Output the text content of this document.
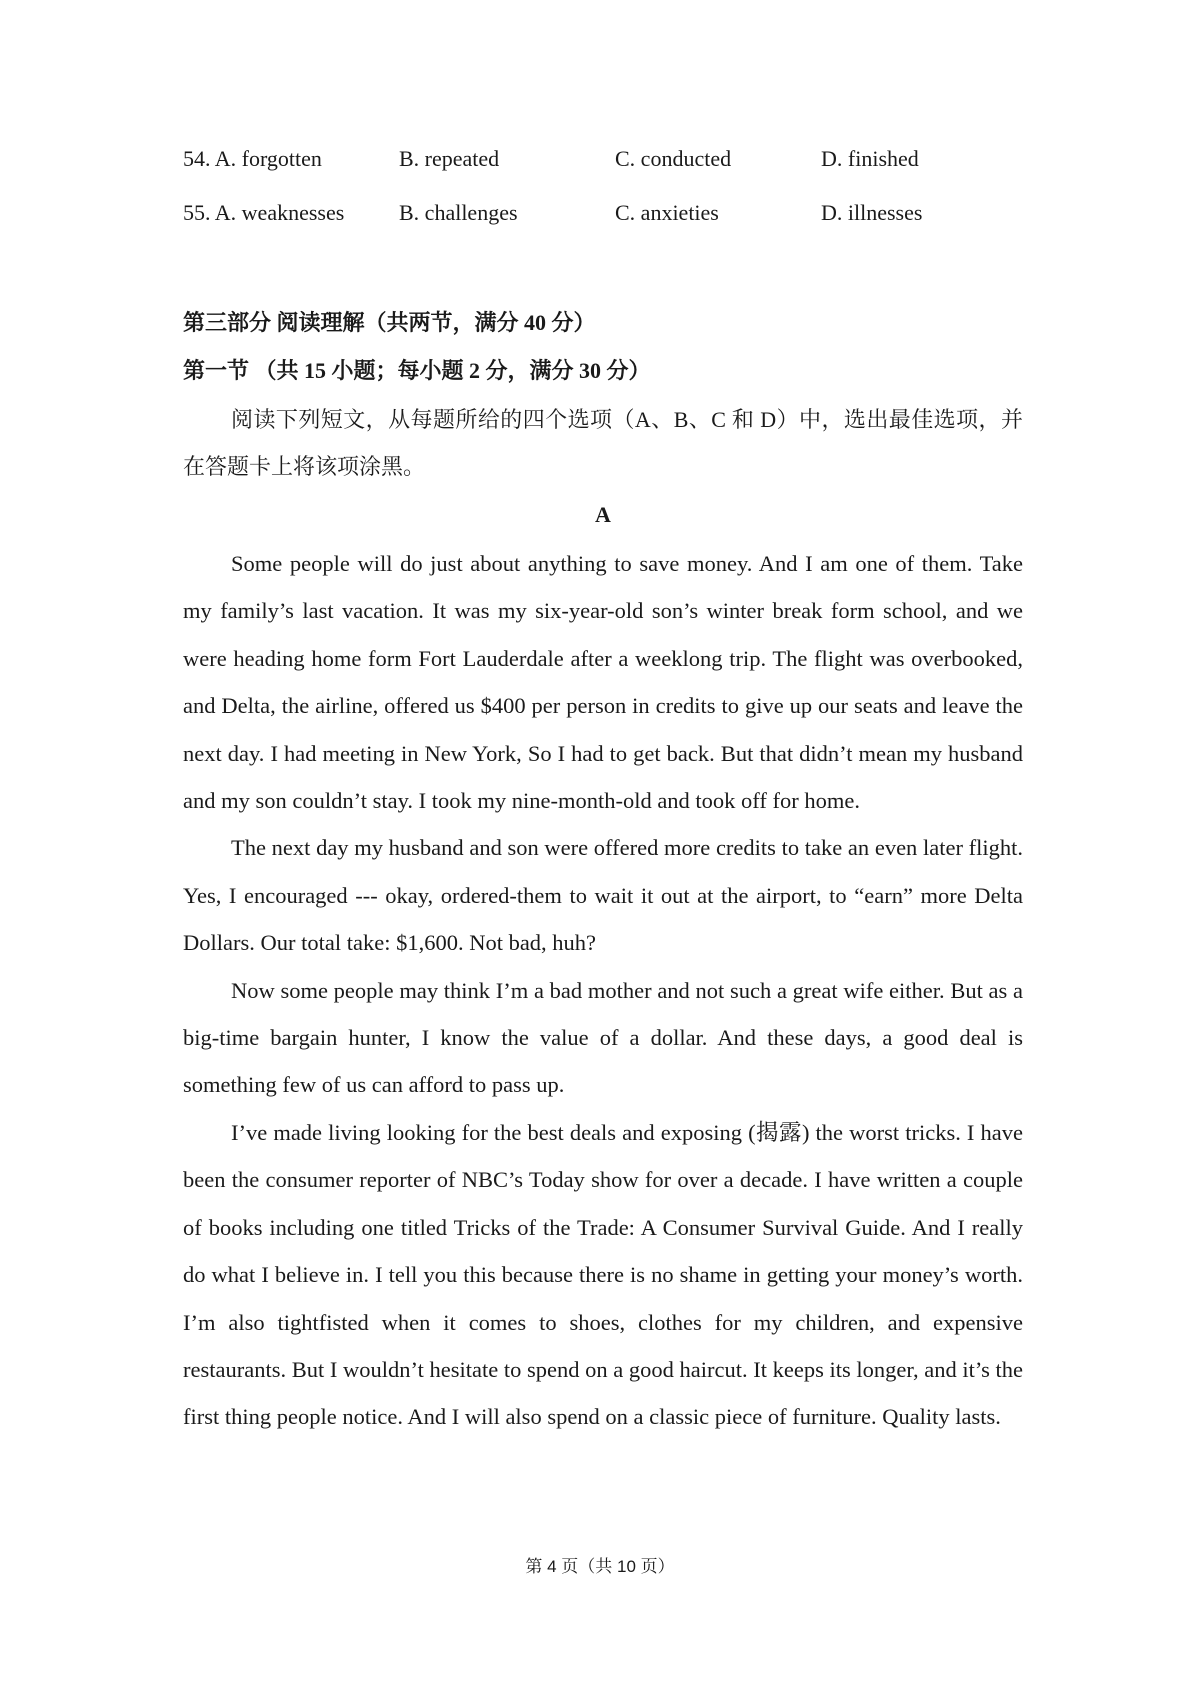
54. A. forgotten	B. repeated	C. conducted	D. finished
55. A. weaknesses B. challenges	C. anxieties	D. illnesses
第三部分 阅读理解（共两节，满分 40 分）
第一节 （共 15 小题；每小题 2 分，满分 30 分）
阅读下列短文，从每题所给的四个选项（A、B、C 和 D）中，选出最佳选项，并在答题卡上将该项涂黑。
A

Some people will do just about anything to save money. And I am one of them. Take my family’s last vacation. It was my six-year-old son’s winter break form school, and we were heading home form Fort Lauderdale after a weeklong trip. The flight was overbooked, and Delta, the airline, offered us $400 per person in credits to give up our seats and leave the next day. I had meeting in New York, So I had to get back. But that didn’t mean my husband and my son couldn’t stay. I took my nine-month-old and took off for home.

The next day my husband and son were offered more credits to take an even later flight. Yes, I encouraged --- okay, ordered-them to wait it out at the airport, to “earn” more Delta Dollars. Our total take: $1,600. Not bad, huh?

Now some people may think I’m a bad mother and not such a great wife either. But as a big-time bargain hunter, I know the value of a dollar. And these days, a good deal is something few of us can afford to pass up.

I’ve made living looking for the best deals and exposing (揭露) the worst tricks. I have been the consumer reporter of NBC’s Today show for over a decade. I have written a couple of books including one titled Tricks of the Trade: A Consumer Survival Guide. And I really do what I believe in. I tell you this because there is no shame in getting your money’s worth. I’m also tightfisted when it comes to shoes, clothes for my children, and expensive restaurants. But I wouldn’t hesitate to spend on a good haircut. It keeps its longer, and it’s the first thing people notice. And I will also spend on a classic piece of furniture. Quality lasts.

第 4 页（共 10 页）
